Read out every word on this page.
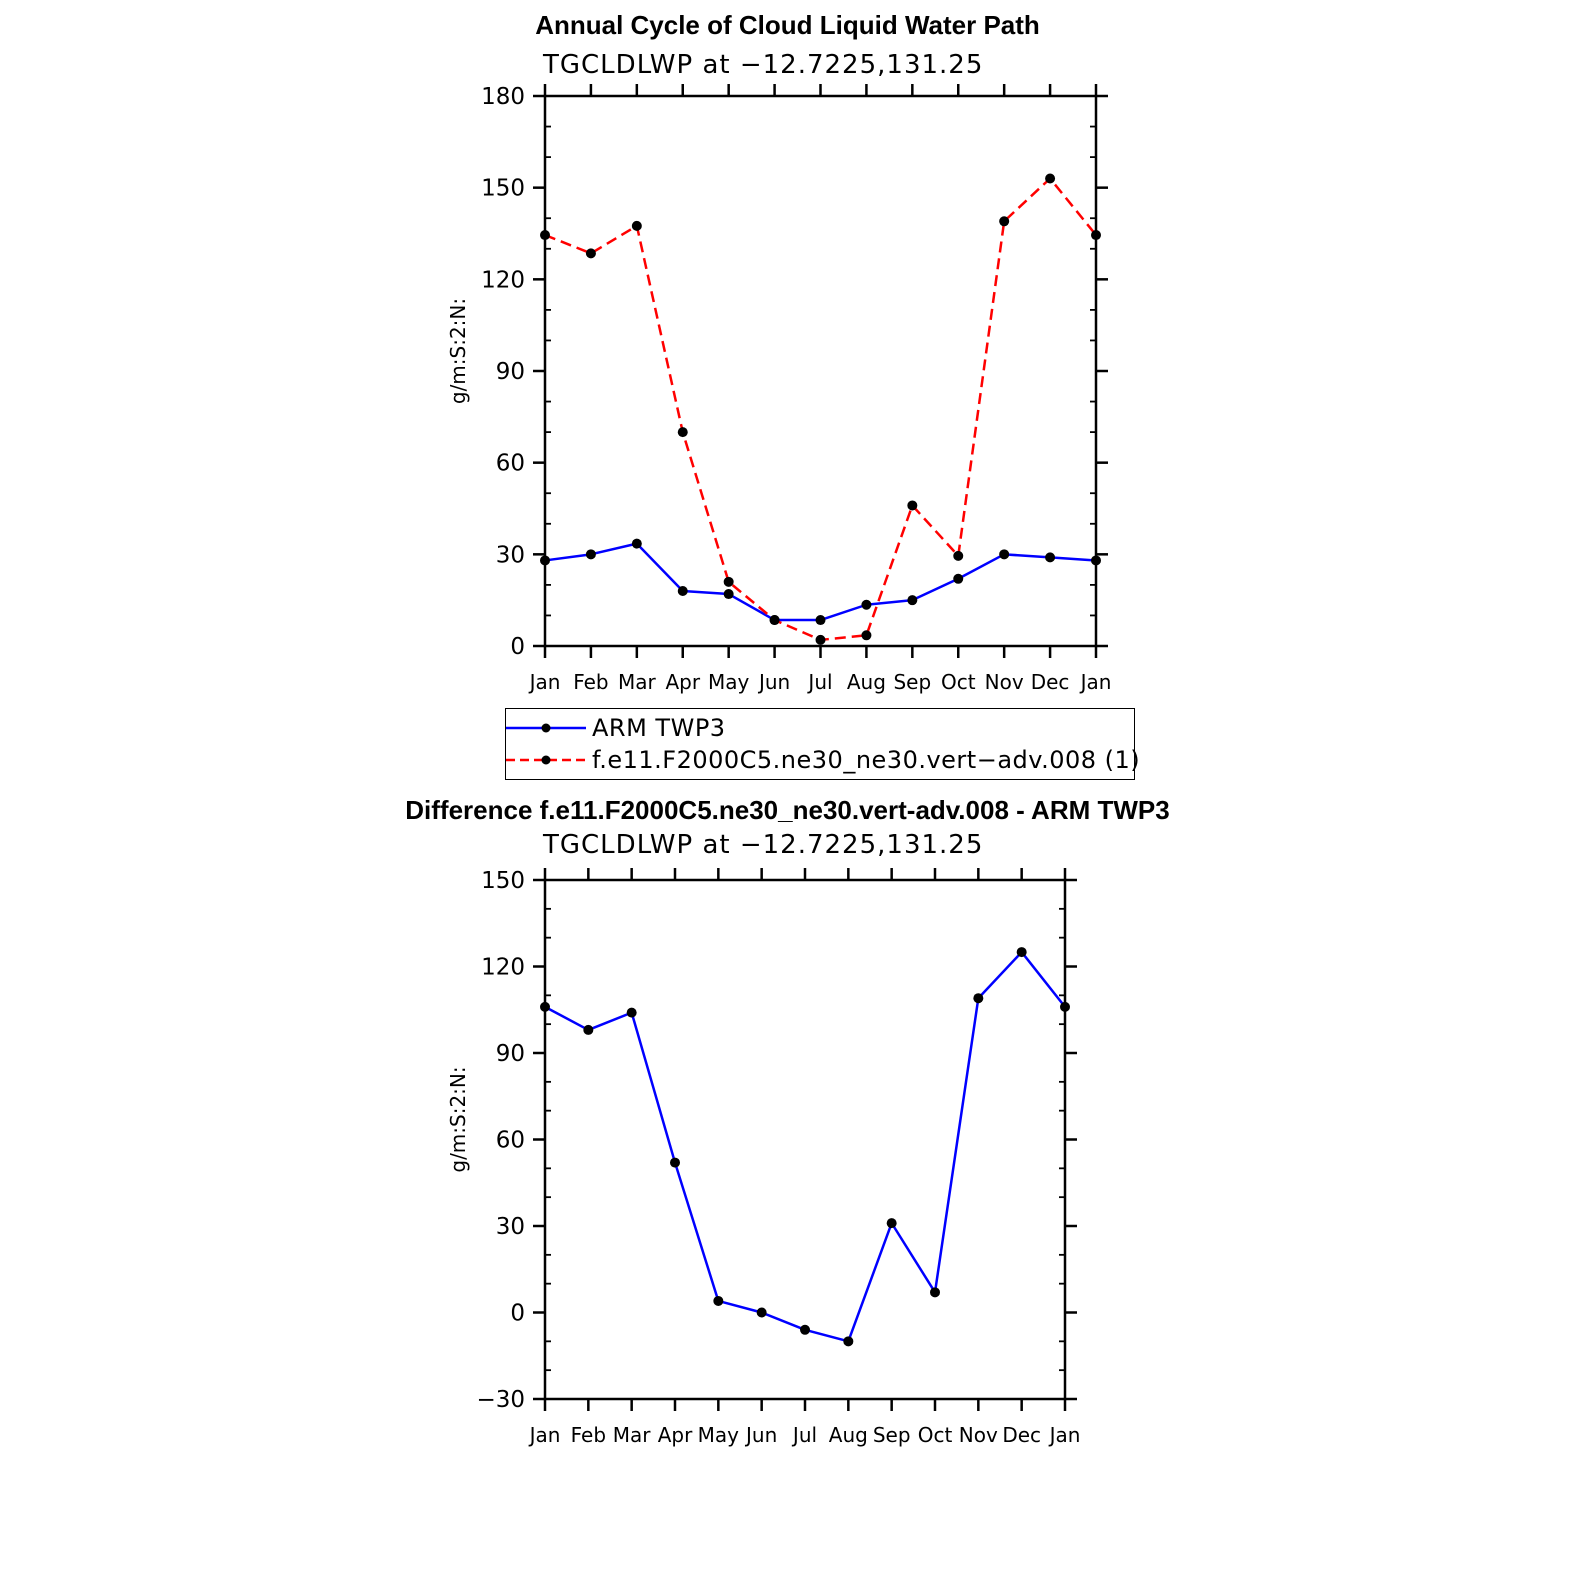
Annual Cycle of Cloud Liquid Water Path
TGCLDLWP at −12.7225,131.25
Difference f.e11.F2000C5.ne30_ne30.vert-adv.008 - ARM TWP3
TGCLDLWP at −12.7225,131.25
0
30
60
90
120
150
180
Jan Feb Mar Apr May Jun Jul Aug Sep Oct Nov Dec Jan
g/m:S:2:N:
−30
0
30
60
90
120
150
Jan Feb Mar Apr May Jun Jul Aug Sep Oct Nov Dec Jan
g/m:S:2:N:
ARM TWP3
f.e11.F2000C5.ne30_ne30.vert−adv.008 (1)
